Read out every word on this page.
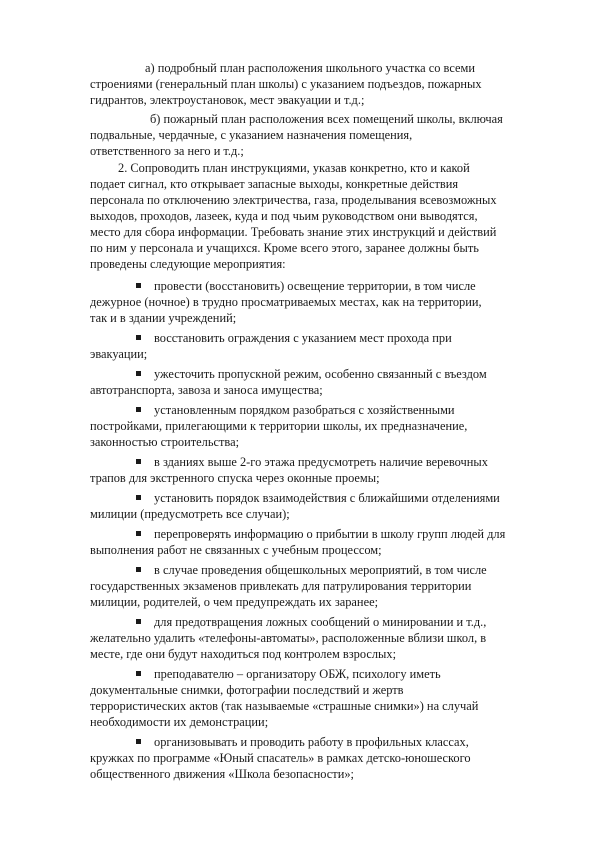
а) подробный план расположения школьного участка со всеми
строениями (генеральный план школы) с указанием подъездов, пожарных
гидрантов, электроустановок, мест эвакуации и т.д.;
б) пожарный план расположения всех помещений школы, включая
подвальные, чердачные, с указанием назначения помещения,
ответственного за него и т.д.;
2. Сопроводить план инструкциями, указав конкретно, кто и какой
подает сигнал, кто открывает запасные выходы, конкретные действия
персонала по отключению электричества, газа, проделывания всевозможных
выходов, проходов, лазеек, куда и под чьим руководством они выводятся,
место для сбора информации. Требовать знание этих инструкций и действий
по ним у персонала и учащихся. Кроме всего этого, заранее должны быть
проведены следующие мероприятия:
провести (восстановить) освещение территории, в том числе
дежурное (ночное) в трудно просматриваемых местах, как на территории,
так и в здании учреждений;
восстановить ограждения с указанием мест прохода при
эвакуации;
ужесточить пропускной режим, особенно связанный с въездом
автотранспорта, завоза и заноса имущества;
установленным порядком разобраться с хозяйственными
постройками, прилегающими к территории школы, их предназначение,
законностью строительства;
в зданиях выше 2-го этажа предусмотреть наличие веревочных
трапов для экстренного спуска через оконные проемы;
установить порядок взаимодействия с ближайшими отделениями
милиции (предусмотреть все случаи);
перепроверять информацию о прибытии в школу групп людей для
выполнения работ не связанных с учебным процессом;
в случае проведения общешкольных мероприятий, в том числе
государственных экзаменов привлекать для патрулирования территории
милиции, родителей, о чем предупреждать их заранее;
для предотвращения ложных сообщений о минировании и т.д.,
желательно удалить «телефоны-автоматы», расположенные вблизи школ, в
месте, где они будут находиться под контролем взрослых;
преподавателю – организатору ОБЖ, психологу иметь
документальные снимки, фотографии последствий и жертв
террористических актов (так называемые «страшные снимки») на случай
необходимости их демонстрации;
организовывать и проводить работу в профильных классах,
кружках по программе «Юный спасатель» в рамках детско-юношеского
общественного движения «Школа безопасности»;
